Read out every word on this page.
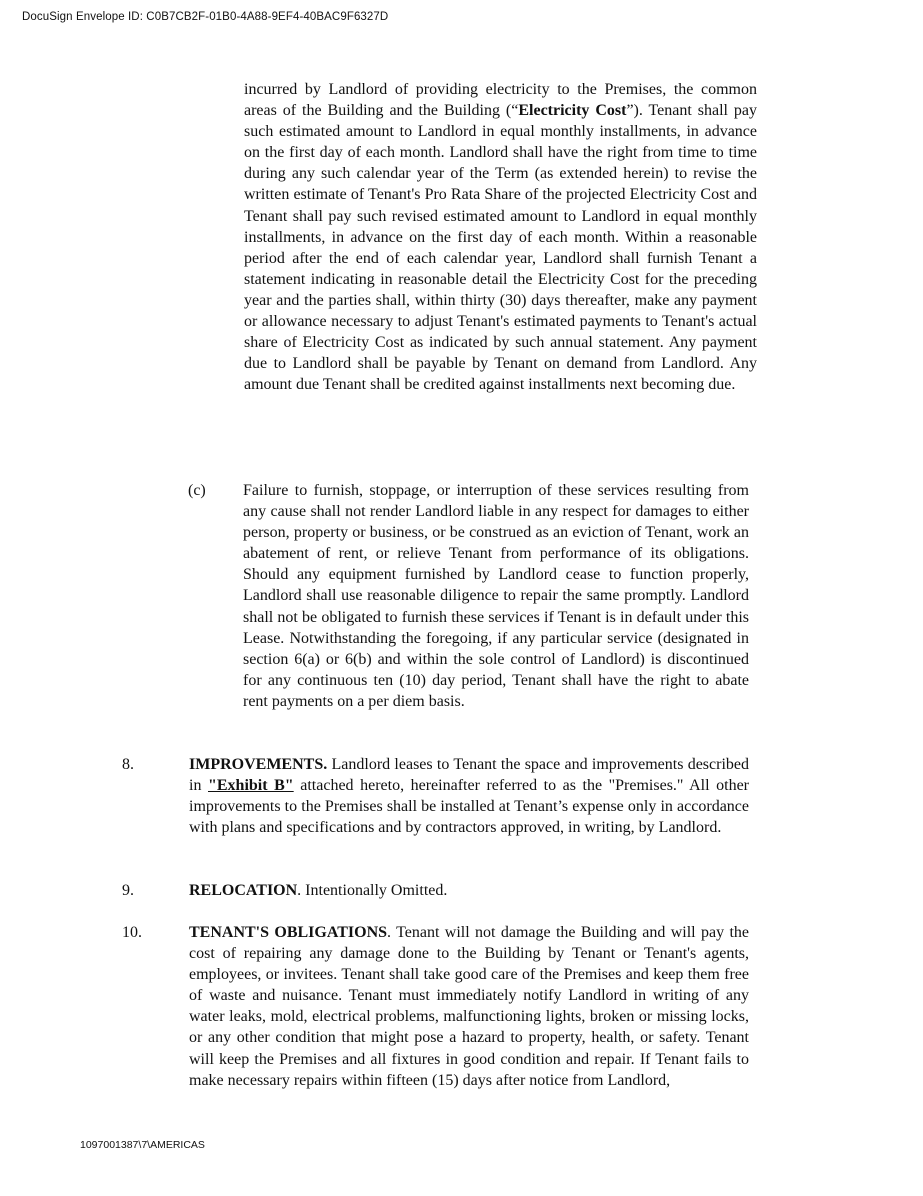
DocuSign Envelope ID: C0B7CB2F-01B0-4A88-9EF4-40BAC9F6327D

incurred by Landlord of providing electricity to the Premises, the common areas of the Building and the Building (“Electricity Cost”). Tenant shall pay such estimated amount to Landlord in equal monthly installments, in advance on the first day of each month. Landlord shall have the right from time to time during any such calendar year of the Term (as extended herein) to revise the written estimate of Tenant's Pro Rata Share of the projected Electricity Cost and Tenant shall pay such revised estimated amount to Landlord in equal monthly installments, in advance on the first day of each month. Within a reasonable period after the end of each calendar year, Landlord shall furnish Tenant a statement indicating in reasonable detail the Electricity Cost for the preceding year and the parties shall, within thirty (30) days thereafter, make any payment or allowance necessary to adjust Tenant's estimated payments to Tenant's actual share of Electricity Cost as indicated by such annual statement. Any payment due to Landlord shall be payable by Tenant on demand from Landlord. Any amount due Tenant shall be credited against installments next becoming due.

(c) Failure to furnish, stoppage, or interruption of these services resulting from any cause shall not render Landlord liable in any respect for damages to either person, property or business, or be construed as an eviction of Tenant, work an abatement of rent, or relieve Tenant from performance of its obligations. Should any equipment furnished by Landlord cease to function properly, Landlord shall use reasonable diligence to repair the same promptly. Landlord shall not be obligated to furnish these services if Tenant is in default under this Lease. Notwithstanding the foregoing, if any particular service (designated in section 6(a) or 6(b) and within the sole control of Landlord) is discontinued for any continuous ten (10) day period, Tenant shall have the right to abate rent payments on a per diem basis.

8.	IMPROVEMENTS. Landlord leases to Tenant the space and improvements described in "Exhibit B" attached hereto, hereinafter referred to as the "Premises." All other improvements to the Premises shall be installed at Tenant’s expense only in accordance with plans and specifications and by contractors approved, in writing, by Landlord.

9.	RELOCATION. Intentionally Omitted.

10.	TENANT'S OBLIGATIONS. Tenant will not damage the Building and will pay the cost of repairing any damage done to the Building by Tenant or Tenant's agents, employees, or invitees. Tenant shall take good care of the Premises and keep them free of waste and nuisance. Tenant must immediately notify Landlord in writing of any water leaks, mold, electrical problems, malfunctioning lights, broken or missing locks, or any other condition that might pose a hazard to property, health, or safety. Tenant will keep the Premises and all fixtures in good condition and repair. If Tenant fails to make necessary repairs within fifteen (15) days after notice from Landlord,

1097001387\7\AMERICAS
